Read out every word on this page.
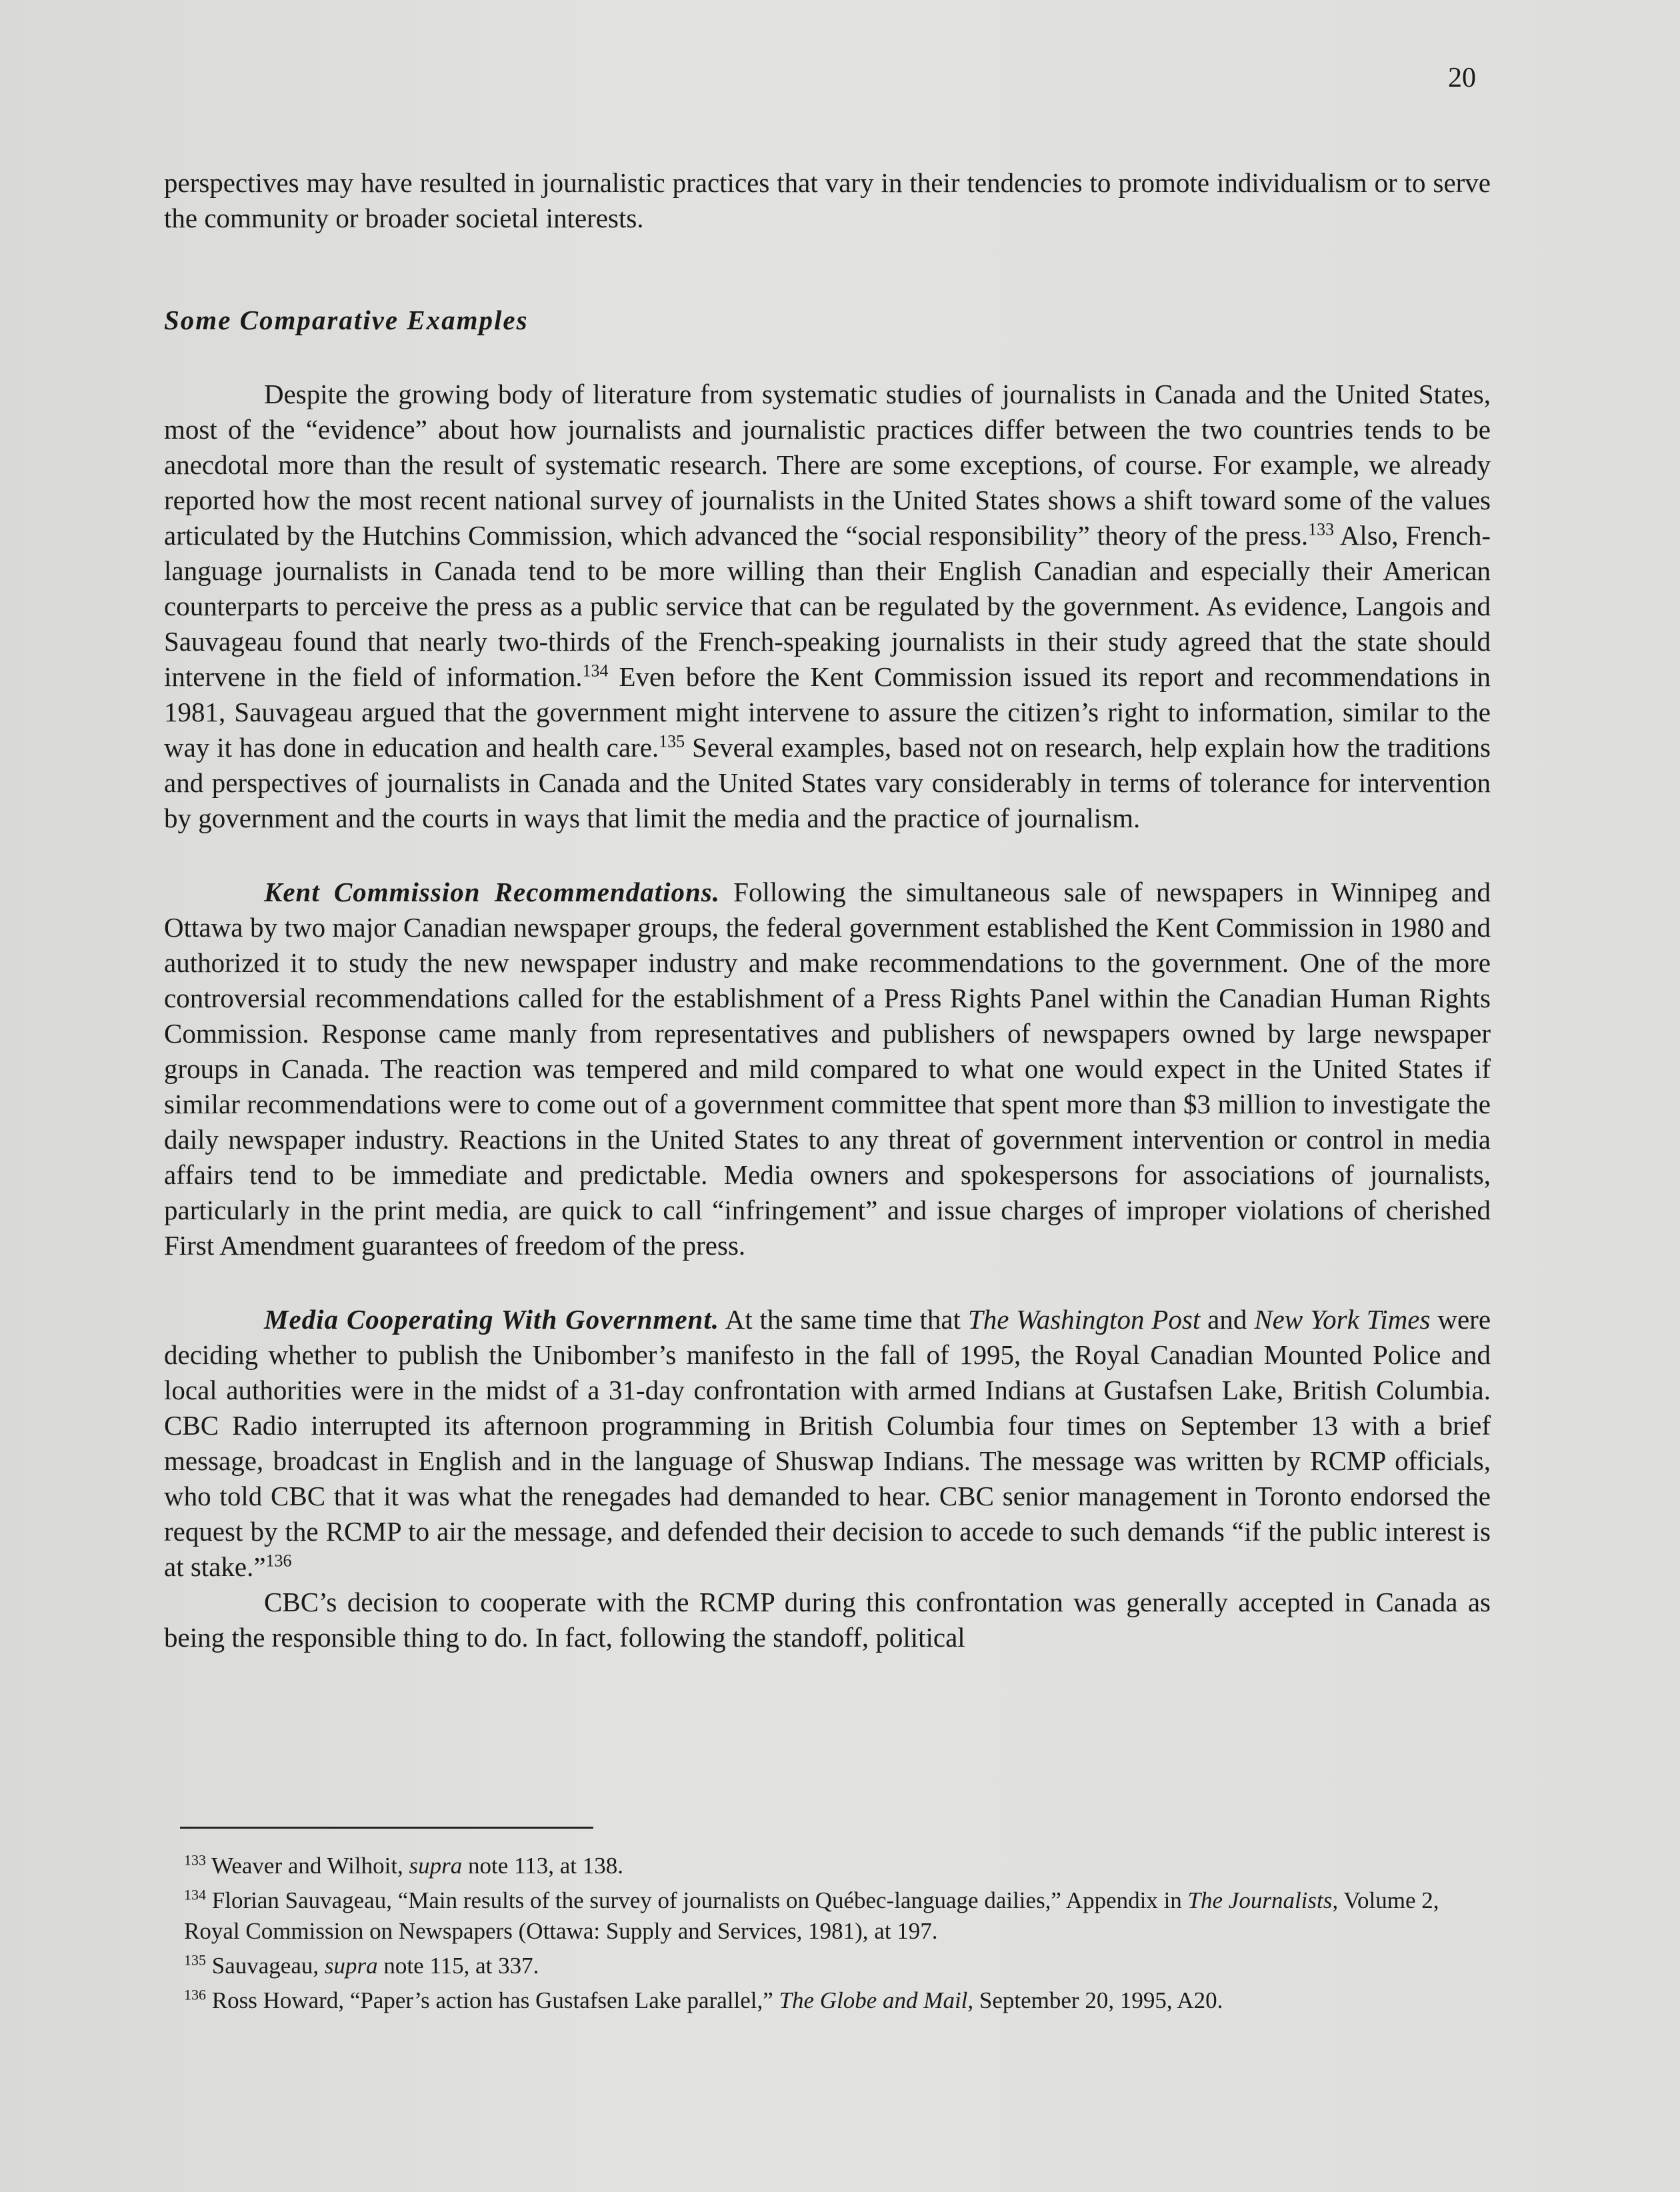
20

perspectives may have resulted in journalistic practices that vary in their tendencies to promote individualism or to serve the community or broader societal interests.

Some Comparative Examples

Despite the growing body of literature from systematic studies of journalists in Canada and the United States, most of the “evidence” about how journalists and journalistic practices differ between the two countries tends to be anecdotal more than the result of systematic research. There are some exceptions, of course. For example, we already reported how the most recent national survey of journalists in the United States shows a shift toward some of the values articulated by the Hutchins Commission, which advanced the “social responsibility” theory of the press.$^{133}$ Also, French-language journalists in Canada tend to be more willing than their English Canadian and especially their American counterparts to perceive the press as a public service that can be regulated by the government. As evidence, Langois and Sauvageau found that nearly two-thirds of the French-speaking journalists in their study agreed that the state should intervene in the field of information.$^{134}$ Even before the Kent Commission issued its report and recommendations in 1981, Sauvageau argued that the government might intervene to assure the citizen’s right to information, similar to the way it has done in education and health care.$^{135}$ Several examples, based not on research, help explain how the traditions and perspectives of journalists in Canada and the United States vary considerably in terms of tolerance for intervention by government and the courts in ways that limit the media and the practice of journalism.

Kent Commission Recommendations. Following the simultaneous sale of newspapers in Winnipeg and Ottawa by two major Canadian newspaper groups, the federal government established the Kent Commission in 1980 and authorized it to study the new newspaper industry and make recommendations to the government. One of the more controversial recommendations called for the establishment of a Press Rights Panel within the Canadian Human Rights Commission. Response came manly from representatives and publishers of newspapers owned by large newspaper groups in Canada. The reaction was tempered and mild compared to what one would expect in the United States if similar recommendations were to come out of a government committee that spent more than $3 million to investigate the daily newspaper industry. Reactions in the United States to any threat of government intervention or control in media affairs tend to be immediate and predictable. Media owners and spokespersons for associations of journalists, particularly in the print media, are quick to call “infringement” and issue charges of improper violations of cherished First Amendment guarantees of freedom of the press.

Media Cooperating With Government. At the same time that The Washington Post and New York Times were deciding whether to publish the Unibomber’s manifesto in the fall of 1995, the Royal Canadian Mounted Police and local authorities were in the midst of a 31-day confrontation with armed Indians at Gustafsen Lake, British Columbia. CBC Radio interrupted its afternoon programming in British Columbia four times on September 13 with a brief message, broadcast in English and in the language of Shuswap Indians. The message was written by RCMP officials, who told CBC that it was what the renegades had demanded to hear. CBC senior management in Toronto endorsed the request by the RCMP to air the message, and defended their decision to accede to such demands “if the public interest is at stake.”$^{136}$

CBC’s decision to cooperate with the RCMP during this confrontation was generally accepted in Canada as being the responsible thing to do. In fact, following the standoff, political

$^{133}$ Weaver and Wilhoit, supra note 113, at 138.

$^{134}$ Florian Sauvageau, “Main results of the survey of journalists on Québec-language dailies,” Appendix in The Journalists, Volume 2, Royal Commission on Newspapers (Ottawa: Supply and Services, 1981), at 197.

$^{135}$ Sauvageau, supra note 115, at 337.

$^{136}$ Ross Howard, “Paper’s action has Gustafsen Lake parallel,” The Globe and Mail, September 20, 1995, A20.
